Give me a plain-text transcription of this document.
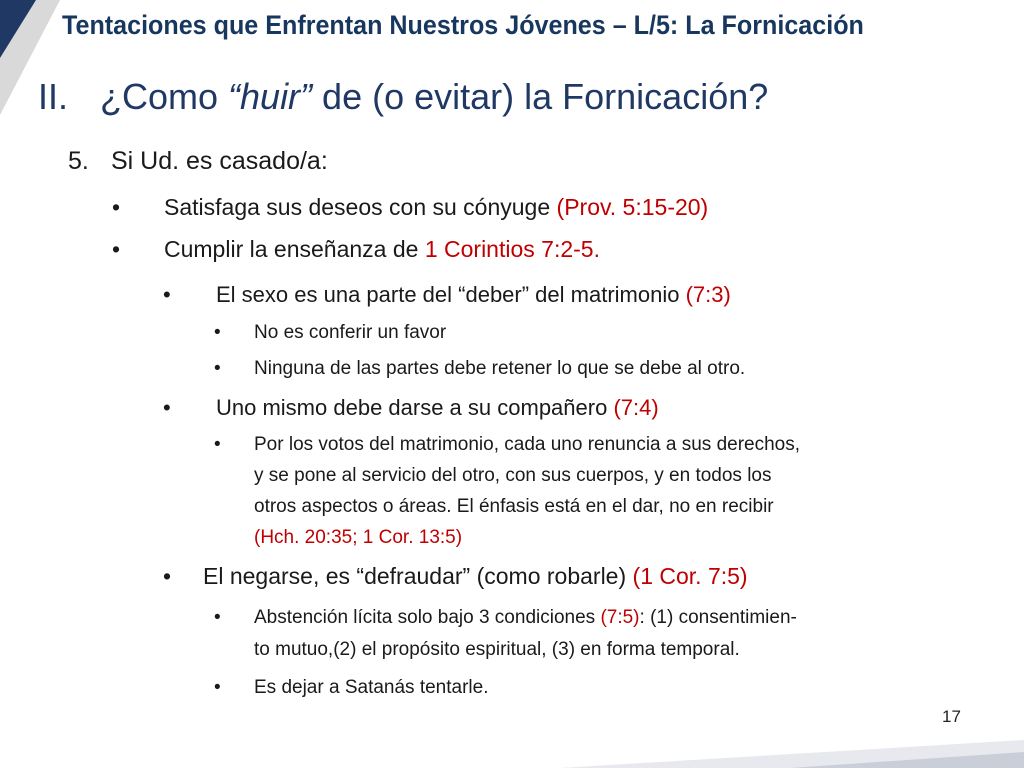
Tentaciones que Enfrentan Nuestros Jóvenes – L/5: La Fornicación
II. ¿Como “huir” de (o evitar) la Fornicación?
5. Si Ud. es casado/a:
• Satisfaga sus deseos con su cónyuge (Prov. 5:15-20)
• Cumplir la enseñanza de 1 Corintios 7:2-5.
• El sexo es una parte del “deber” del matrimonio (7:3)
• No es conferir un favor
• Ninguna de las partes debe retener lo que se debe al otro.
• Uno mismo debe darse a su compañero (7:4)
• Por los votos del matrimonio, cada uno renuncia a sus derechos,
y se pone al servicio del otro, con sus cuerpos, y en todos los
otros aspectos o áreas. El énfasis está en el dar, no en recibir
(Hch. 20:35; 1 Cor. 13:5)
• El negarse, es “defraudar” (como robarle) (1 Cor. 7:5)
• Abstención lícita solo bajo 3 condiciones (7:5): (1) consentimien-
to mutuo,(2) el propósito espiritual, (3) en forma temporal.
• Es dejar a Satanás tentarle.
17
